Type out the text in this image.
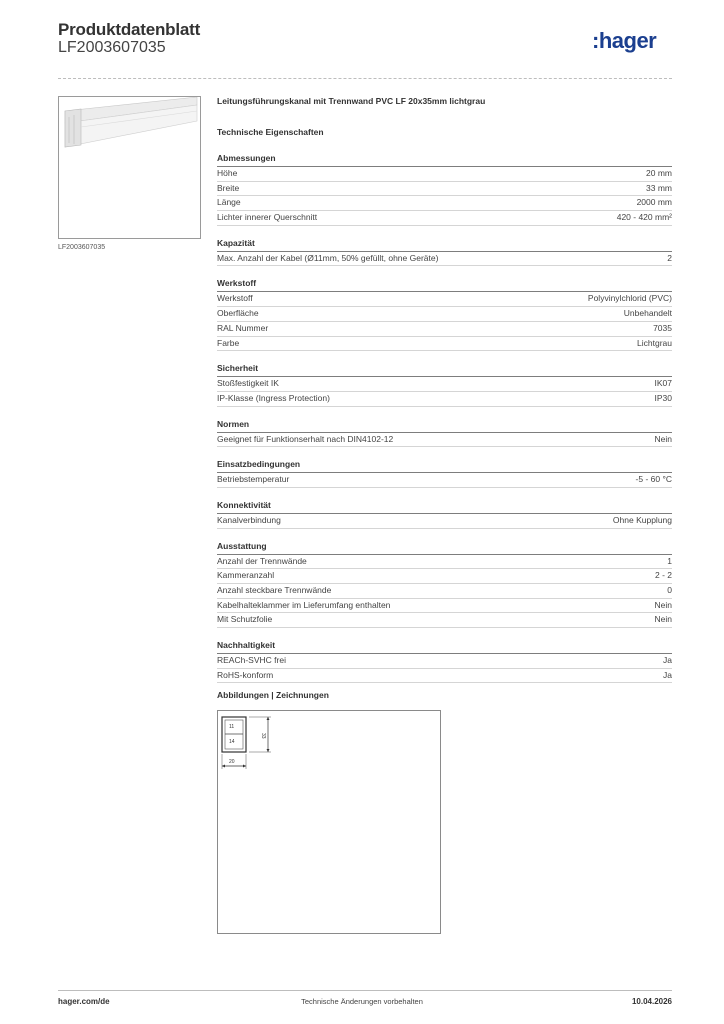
Produktdatenblatt
LF2003607035	:hager
LF2003607035
Leitungsführungskanal mit Trennwand PVC LF 20x35mm lichtgrau
Technische Eigenschaften
Abmessungen
Höhe	20 mm
Breite	33 mm
Länge	2000 mm
Lichter innerer Querschnitt	420 - 420 mm²
Kapazität
Max. Anzahl der Kabel (Ø11mm, 50% gefüllt, ohne Geräte)	2
Werkstoff
Werkstoff	Polyvinylchlorid (PVC)
Oberfläche	Unbehandelt
RAL Nummer	7035
Farbe	Lichtgrau
Sicherheit
Stoßfestigkeit IK	IK07
IP-Klasse (Ingress Protection)	IP30
Normen
Geeignet für Funktionserhalt nach DIN4102-12	Nein
Einsatzbedingungen
Betriebstemperatur	-5 - 60 °C
Konnektivität
Kanalverbindung	Ohne Kupplung
Ausstattung
Anzahl der Trennwände	1
Kammeranzahl	2 - 2
Anzahl steckbare Trennwände	0
Kabelhalteklammer im Lieferumfang enthalten	Nein
Mit Schutzfolie	Nein
Nachhaltigkeit
REACh-SVHC frei	Ja
RoHS-konform	Ja
Abbildungen | Zeichnungen
11
14
33
20
hager.com/de	Technische Änderungen vorbehalten	10.04.2026
